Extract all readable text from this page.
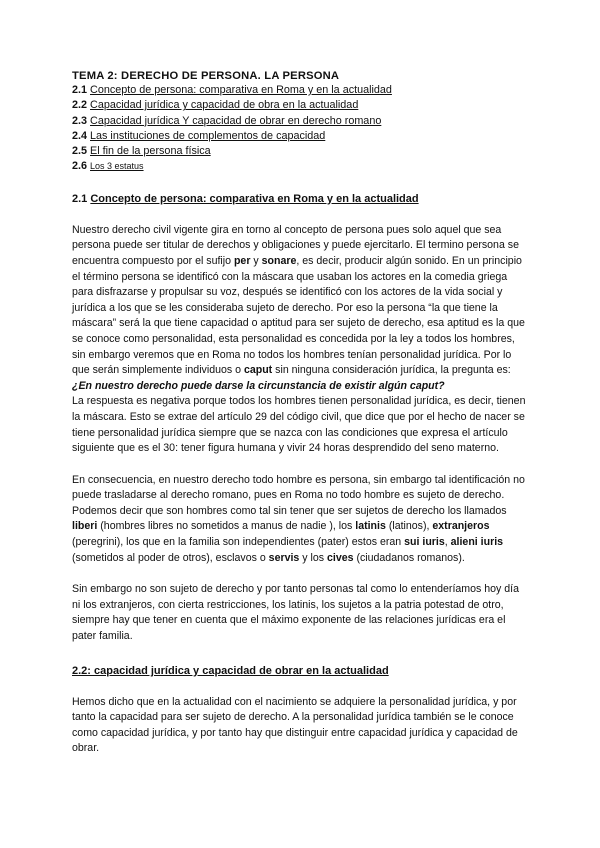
TEMA 2: DERECHO DE PERSONA. LA PERSONA
2.1 Concepto de persona: comparativa en Roma y en la actualidad
2.2 Capacidad jurídica y capacidad de obra en la actualidad
2.3 Capacidad jurídica Y capacidad de obrar en derecho romano
2.4 Las instituciones de complementos de capacidad
2.5 El fin de la persona física
2.6 Los 3 estatus
2.1 Concepto de persona: comparativa en Roma y en la actualidad

Nuestro derecho civil vigente gira en torno al concepto de persona pues solo aquel que sea persona puede ser titular de derechos y obligaciones y puede ejercitarlo. El termino persona se encuentra compuesto por el sufijo per y sonare, es decir, producir algún sonido. En un principio el término persona se identificó con la máscara que usaban los actores en la comedia griega para disfrazarse y propulsar su voz, después se identificó con los actores de la vida social y jurídica a los que se les consideraba sujeto de derecho. Por eso la persona “la que tiene la máscara” será la que tiene capacidad o aptitud para ser sujeto de derecho, esa aptitud es la que se conoce como personalidad, esta personalidad es concedida por la ley a todos los hombres, sin embargo veremos que en Roma no todos los hombres tenían personalidad jurídica. Por lo que serán simplemente individuos o caput sin ninguna consideración jurídica, la pregunta es:

¿En nuestro derecho puede darse la circunstancia de existir algún caput?

La respuesta es negativa porque todos los hombres tienen personalidad jurídica, es decir, tienen la máscara. Esto se extrae del artículo 29 del código civil, que dice que por el hecho de nacer se tiene personalidad jurídica siempre que se nazca con las condiciones que expresa el artículo siguiente que es el 30: tener figura humana y vivir 24 horas desprendido del seno materno.

En consecuencia, en nuestro derecho todo hombre es persona, sin embargo tal identificación no puede trasladarse al derecho romano, pues en Roma no todo hombre es sujeto de derecho. Podemos decir que son hombres como tal sin tener que ser sujetos de derecho los llamados liberi (hombres libres no sometidos a manus de nadie ), los latinis (latinos), extranjeros (peregrini), los que en la familia son independientes (pater) estos eran sui iuris, alieni iuris (sometidos al poder de otros), esclavos o servis y los cives (ciudadanos romanos).

Sin embargo no son sujeto de derecho y por tanto personas tal como lo entenderíamos hoy día ni los extranjeros, con cierta restricciones, los latinis, los sujetos a la patria potestad de otro, siempre hay que tener en cuenta que el máximo exponente de las relaciones jurídicas era el pater familia.

2.2: capacidad jurídica y capacidad de obrar en la actualidad

Hemos dicho que en la actualidad con el nacimiento se adquiere la personalidad jurídica, y por tanto la capacidad para ser sujeto de derecho. A la personalidad jurídica también se le conoce como capacidad jurídica, y por tanto hay que distinguir entre capacidad jurídica y capacidad de obrar.
